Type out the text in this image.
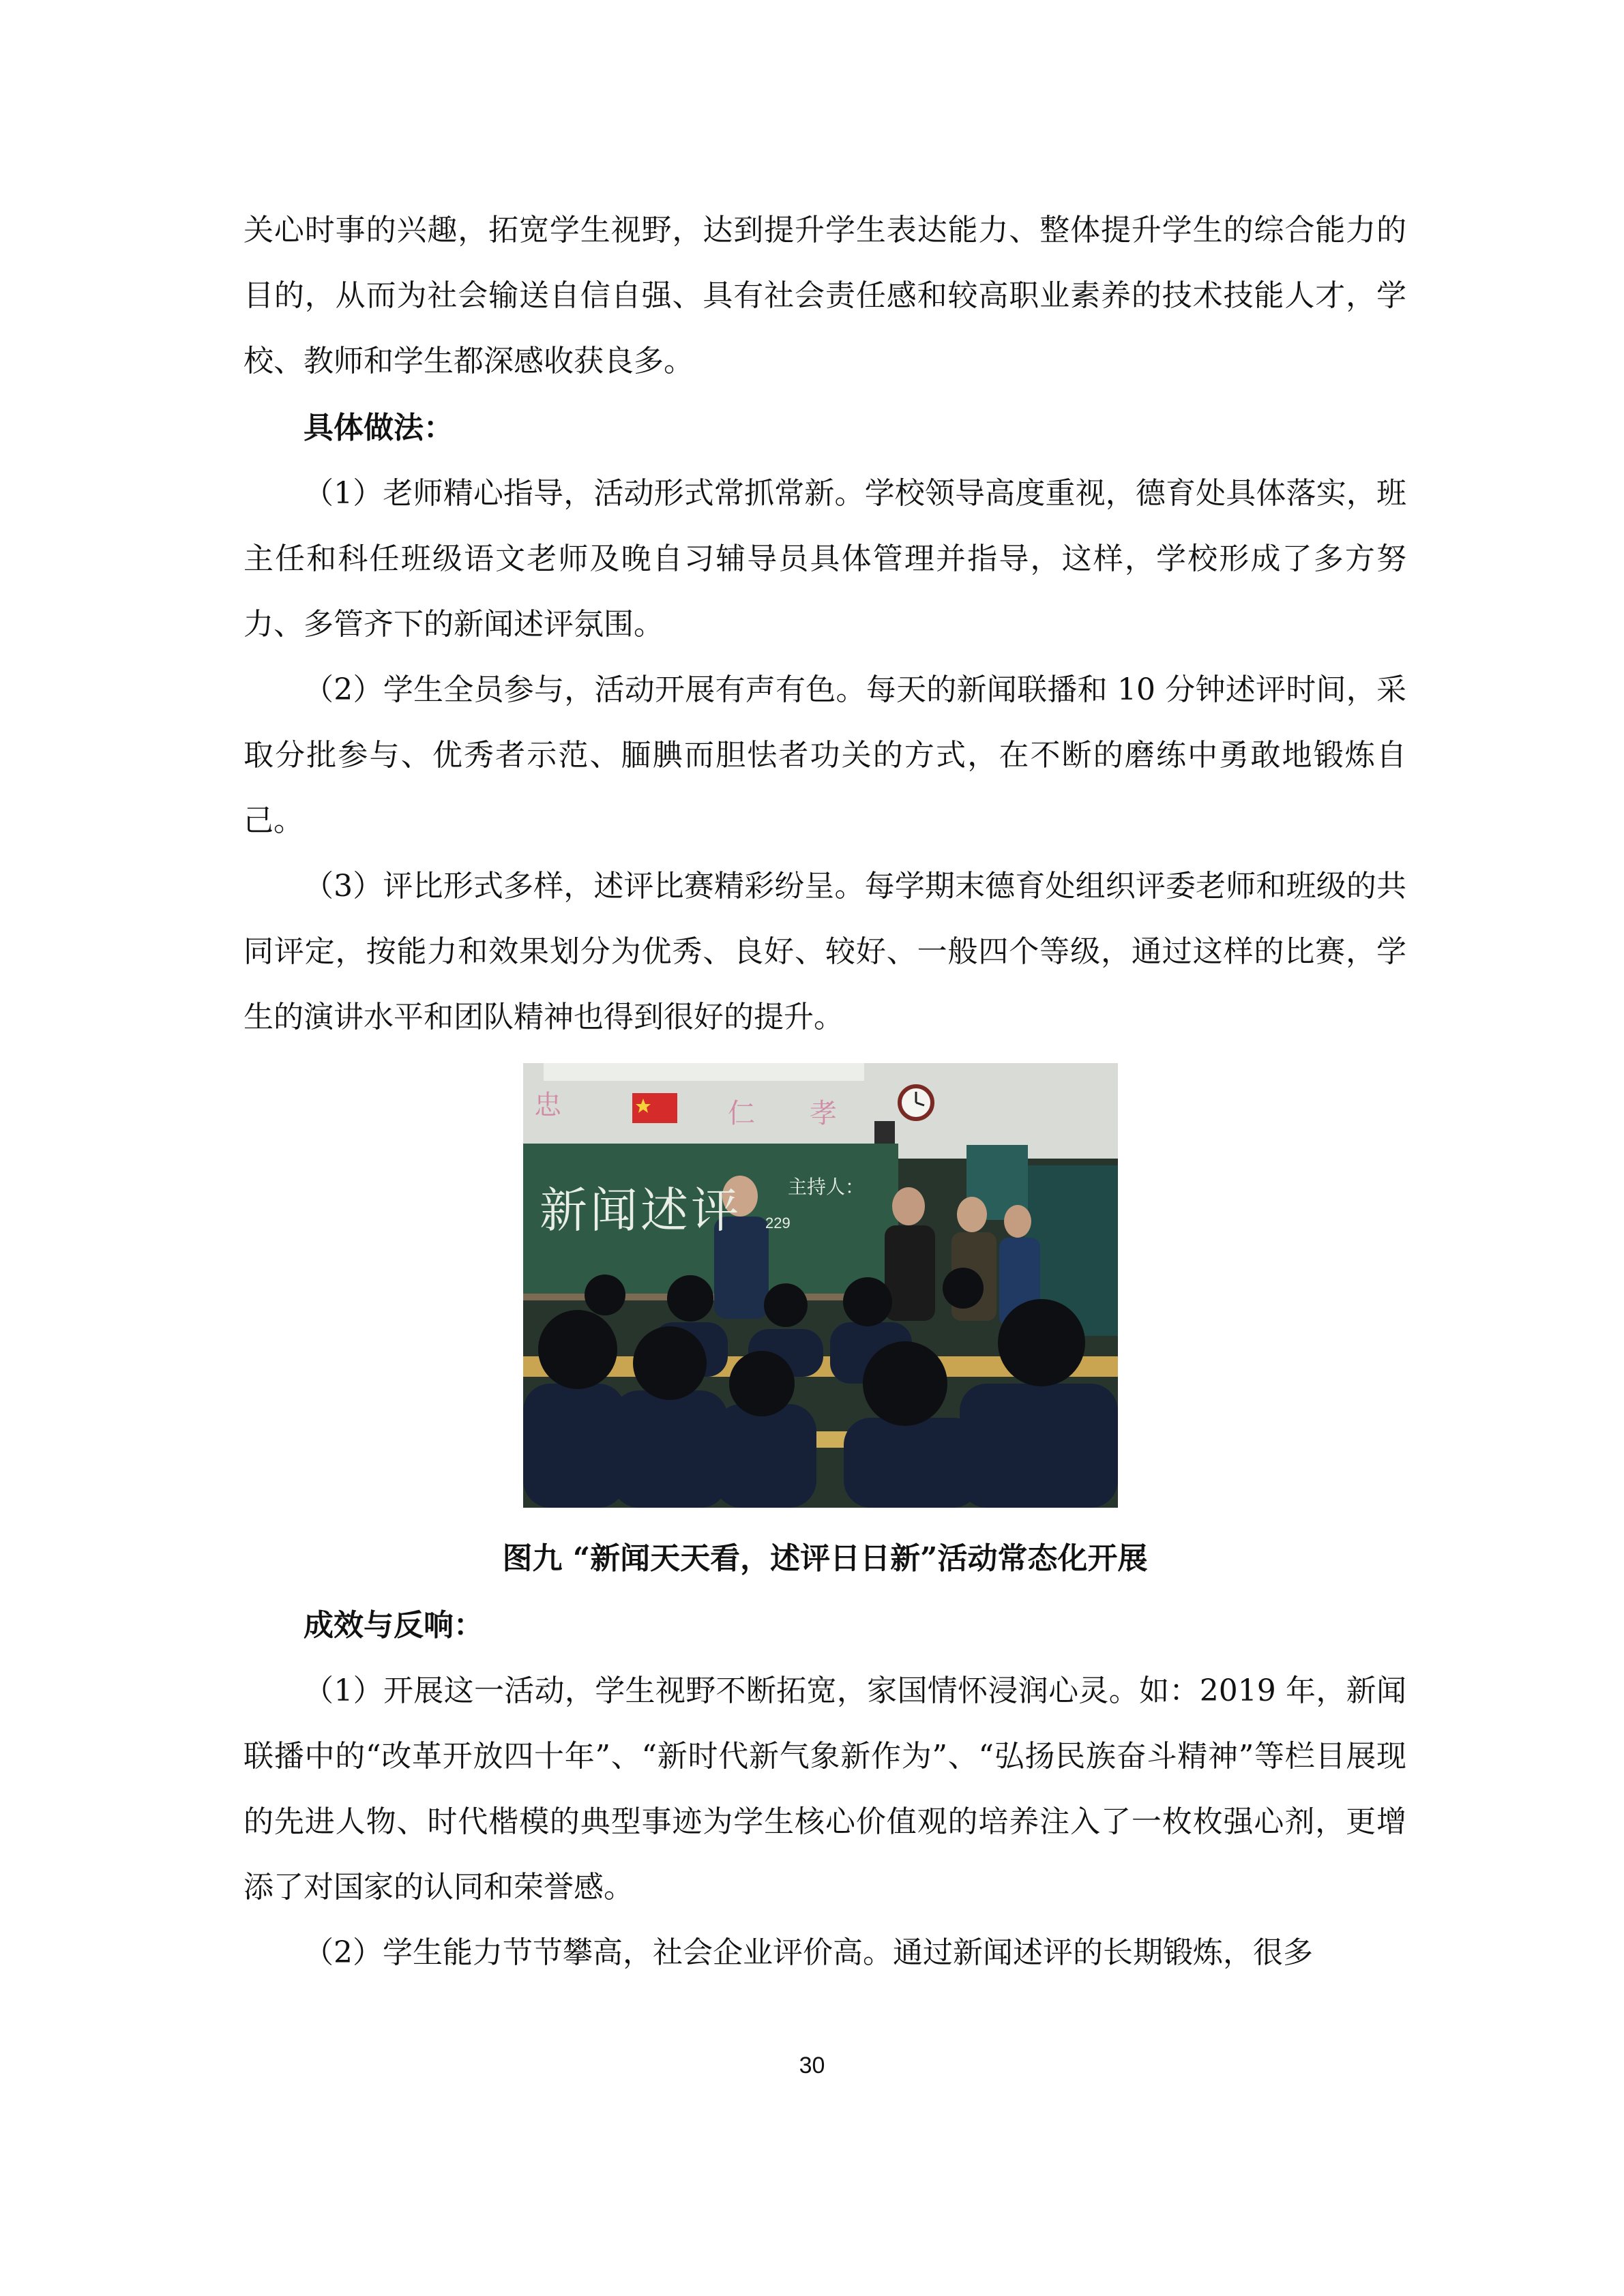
关心时事的兴趣，拓宽学生视野，达到提升学生表达能力、整体提升学生的综合能力的目的，从而为社会输送自信自强、具有社会责任感和较高职业素养的技术技能人才，学校、教师和学生都深感收获良多。

具体做法：

（1）老师精心指导，活动形式常抓常新。学校领导高度重视，德育处具体落实，班主任和科任班级语文老师及晚自习辅导员具体管理并指导，这样，学校形成了多方努力、多管齐下的新闻述评氛围。

（2）学生全员参与，活动开展有声有色。每天的新闻联播和 10 分钟述评时间，采取分批参与、优秀者示范、腼腆而胆怯者功关的方式，在不断的磨练中勇敢地锻炼自己。

（3）评比形式多样，述评比赛精彩纷呈。每学期末德育处组织评委老师和班级的共同评定，按能力和效果划分为优秀、良好、较好、一般四个等级，通过这样的比赛，学生的演讲水平和团队精神也得到很好的提升。

忠	仁 孝
新闻述评 主持人：
229

图九 “新闻天天看，述评日日新”活动常态化开展

成效与反响：

（1）开展这一活动，学生视野不断拓宽，家国情怀浸润心灵。如：2019 年，新闻联播中的“改革开放四十年”、“新时代新气象新作为”、“弘扬民族奋斗精神”等栏目展现的先进人物、时代楷模的典型事迹为学生核心价值观的培养注入了一枚枚强心剂，更增添了对国家的认同和荣誉感。

（2）学生能力节节攀高，社会企业评价高。通过新闻述评的长期锻炼，很多

30
